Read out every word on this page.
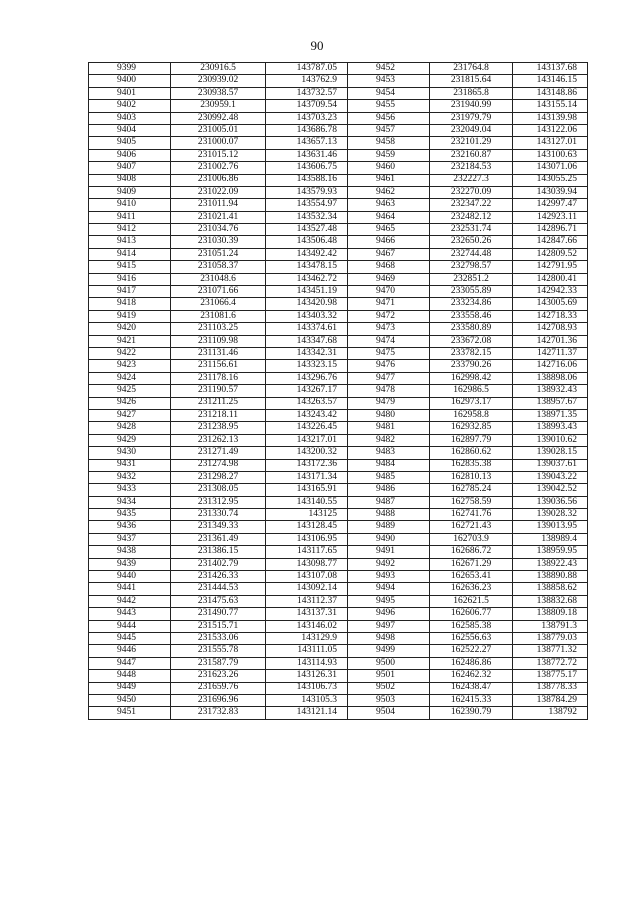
90
9399	230916.5	143787.05	9452	231764.8	143137.68
9400	230939.02	143762.9	9453	231815.64	143146.15
9401	230938.57	143732.57	9454	231865.8	143148.86
9402	230959.1	143709.54	9455	231940.99	143155.14
9403	230992.48	143703.23	9456	231979.79	143139.98
9404	231005.01	143686.78	9457	232049.04	143122.06
9405	231000.07	143657.13	9458	232101.29	143127.01
9406	231015.12	143631.46	9459	232160.87	143100.63
9407	231002.76	143606.75	9460	232184.53	143071.06
9408	231006.86	143588.16	9461	232227.3	143055.25
9409	231022.09	143579.93	9462	232270.09	143039.94
9410	231011.94	143554.97	9463	232347.22	142997.47
9411	231021.41	143532.34	9464	232482.12	142923.11
9412	231034.76	143527.48	9465	232531.74	142896.71
9413	231030.39	143506.48	9466	232650.26	142847.66
9414	231051.24	143492.42	9467	232744.48	142809.52
9415	231058.37	143478.15	9468	232798.57	142791.95
9416	231048.6	143462.72	9469	232851.2	142800.41
9417	231071.66	143451.19	9470	233055.89	142942.33
9418	231066.4	143420.98	9471	233234.86	143005.69
9419	231081.6	143403.32	9472	233558.46	142718.33
9420	231103.25	143374.61	9473	233580.89	142708.93
9421	231109.98	143347.68	9474	233672.08	142701.36
9422	231131.46	143342.31	9475	233782.15	142711.37
9423	231156.61	143323.15	9476	233790.26	142716.06
9424	231178.16	143296.76	9477	162998.42	138898.06
9425	231190.57	143267.17	9478	162986.5	138932.43
9426	231211.25	143263.57	9479	162973.17	138957.67
9427	231218.11	143243.42	9480	162958.8	138971.35
9428	231238.95	143226.45	9481	162932.85	138993.43
9429	231262.13	143217.01	9482	162897.79	139010.62
9430	231271.49	143200.32	9483	162860.62	139028.15
9431	231274.98	143172.36	9484	162835.38	139037.61
9432	231298.27	143171.34	9485	162810.13	139043.22
9433	231308.05	143165.91	9486	162785.24	139042.52
9434	231312.95	143140.55	9487	162758.59	139036.56
9435	231330.74	143125	9488	162741.76	139028.32
9436	231349.33	143128.45	9489	162721.43	139013.95
9437	231361.49	143106.95	9490	162703.9	138989.4
9438	231386.15	143117.65	9491	162686.72	138959.95
9439	231402.79	143098.77	9492	162671.29	138922.43
9440	231426.33	143107.08	9493	162653.41	138890.88
9441	231444.53	143092.14	9494	162636.23	138858.62
9442	231475.63	143112.37	9495	162621.5	138832.68
9443	231490.77	143137.31	9496	162606.77	138809.18
9444	231515.71	143146.02	9497	162585.38	138791.3
9445	231533.06	143129.9	9498	162556.63	138779.03
9446	231555.78	143111.05	9499	162522.27	138771.32
9447	231587.79	143114.93	9500	162486.86	138772.72
9448	231623.26	143126.31	9501	162462.32	138775.17
9449	231659.76	143106.73	9502	162438.47	138778.33
9450	231696.96	143105.3	9503	162415.33	138784.29
9451	231732.83	143121.14	9504	162390.79	138792
